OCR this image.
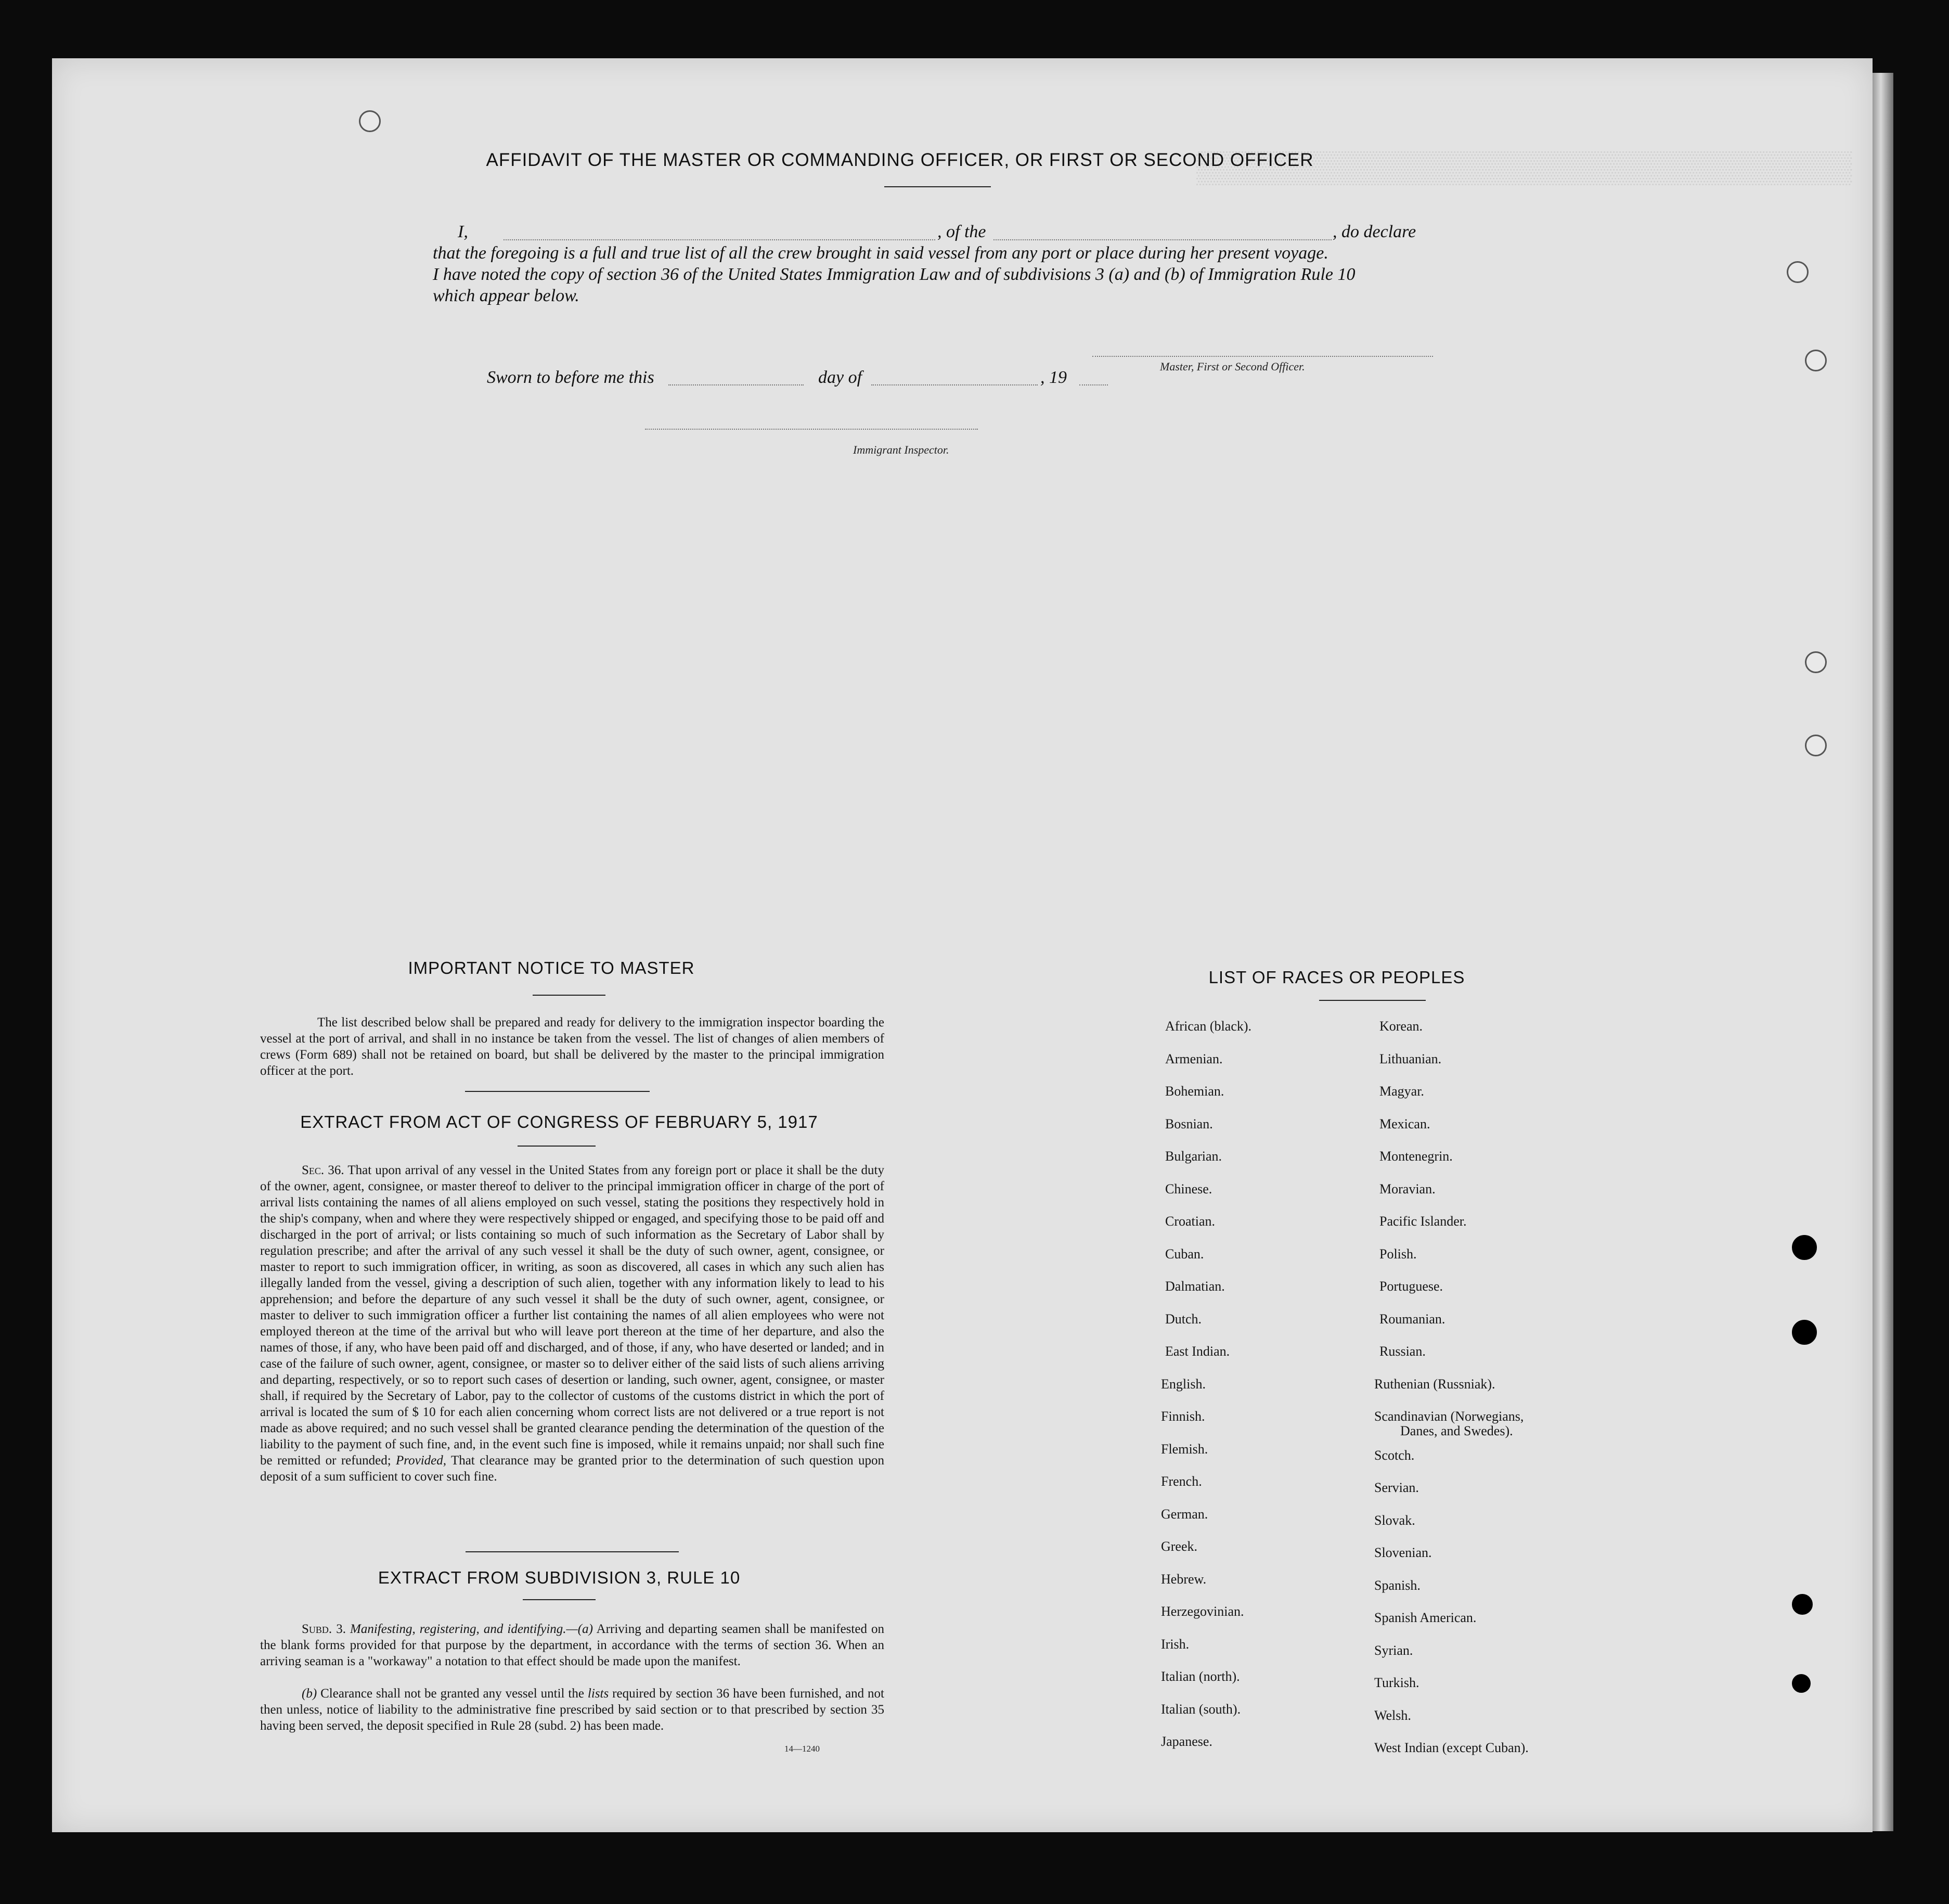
▒▒▒▒▒▒▒▒▒▒▒▒▒▒▒▒▒▒▒▒▒▒▒▒▒▒▒▒▒▒▒▒▒▒▒
AFFIDAVIT OF THE MASTER OR COMMANDING OFFICER, OR FIRST OR SECOND OFFICER
I,	, of the	, do declare
that the foregoing is a full and true list of all the crew brought in said vessel from any port or place during her present voyage.
I have noted the copy of section 36 of the United States Immigration Law and of subdivisions 3 (a) and (b) of Immigration Rule 10
which appear below.
Master, First or Second Officer.
Sworn to before me this	day of	, 19
Immigrant Inspector.
IMPORTANT NOTICE TO MASTER

The list described below shall be prepared and ready for delivery to the immigration inspector boarding the vessel at the port of arrival, and shall in no instance be taken from the vessel. The list of changes of alien members of crews (Form 689) shall not be retained on board, but shall be delivered by the master to the principal immigration officer at the port.

EXTRACT FROM ACT OF CONGRESS OF FEBRUARY 5, 1917

Sec. 36. That upon arrival of any vessel in the United States from any foreign port or place it shall be the duty of the owner, agent, consignee, or master thereof to deliver to the principal immigration officer in charge of the port of arrival lists containing the names of all aliens employed on such vessel, stating the positions they respectively hold in the ship's company, when and where they were respectively shipped or engaged, and specifying those to be paid off and discharged in the port of arrival; or lists containing so much of such information as the Secretary of Labor shall by regulation prescribe; and after the arrival of any such vessel it shall be the duty of such owner, agent, consignee, or master to report to such immigration officer, in writing, as soon as discovered, all cases in which any such alien has illegally landed from the vessel, giving a description of such alien, together with any information likely to lead to his apprehension; and before the departure of any such vessel it shall be the duty of such owner, agent, consignee, or master to deliver to such immigration officer a further list containing the names of all alien employees who were not employed thereon at the time of the arrival but who will leave port thereon at the time of her departure, and also the names of those, if any, who have been paid off and discharged, and of those, if any, who have deserted or landed; and in case of the failure of such owner, agent, consignee, or master so to deliver either of the said lists of such aliens arriving and departing, respectively, or so to report such cases of desertion or landing, such owner, agent, consignee, or master shall, if required by the Secretary of Labor, pay to the collector of customs of the customs district in which the port of arrival is located the sum of $ 10 for each alien concerning whom correct lists are not delivered or a true report is not made as above required; and no such vessel shall be granted clearance pending the determination of the question of the liability to the payment of such fine, and, in the event such fine is imposed, while it remains unpaid; nor shall such fine be remitted or refunded; Provided, That clearance may be granted prior to the determination of such question upon deposit of a sum sufficient to cover such fine.

EXTRACT FROM SUBDIVISION 3, RULE 10

Subd. 3. Manifesting, registering, and identifying.—(a) Arriving and departing seamen shall be manifested on the blank forms provided for that purpose by the department, in accordance with the terms of section 36. When an arriving seaman is a "workaway" a notation to that effect should be made upon the manifest.

(b) Clearance shall not be granted any vessel until the lists required by section 36 have been furnished, and not then unless, notice of liability to the administrative fine prescribed by said section or to that prescribed by section 35 having been served, the deposit specified in Rule 28 (subd. 2) has been made.

14—1240
LIST OF RACES OR PEOPLES
African (black).
Armenian.
Bohemian.
Bosnian.
Bulgarian.
Chinese.
Croatian.
Cuban.
Dalmatian.
Dutch.
East Indian.
English.
Finnish.
Flemish.
French.
German.
Greek.
Hebrew.
Herzegovinian.
Irish.
Italian (north).
Italian (south).
Japanese.
Korean.
Lithuanian.
Magyar.
Mexican.
Montenegrin.
Moravian.
Pacific Islander.
Polish.
Portuguese.
Roumanian.
Russian.
Ruthenian (Russniak).
Scandinavian (Norwegians,
Danes, and Swedes).
Scotch.
Servian.
Slovak.
Slovenian.
Spanish.
Spanish American.
Syrian.
Turkish.
Welsh.
West Indian (except Cuban).
